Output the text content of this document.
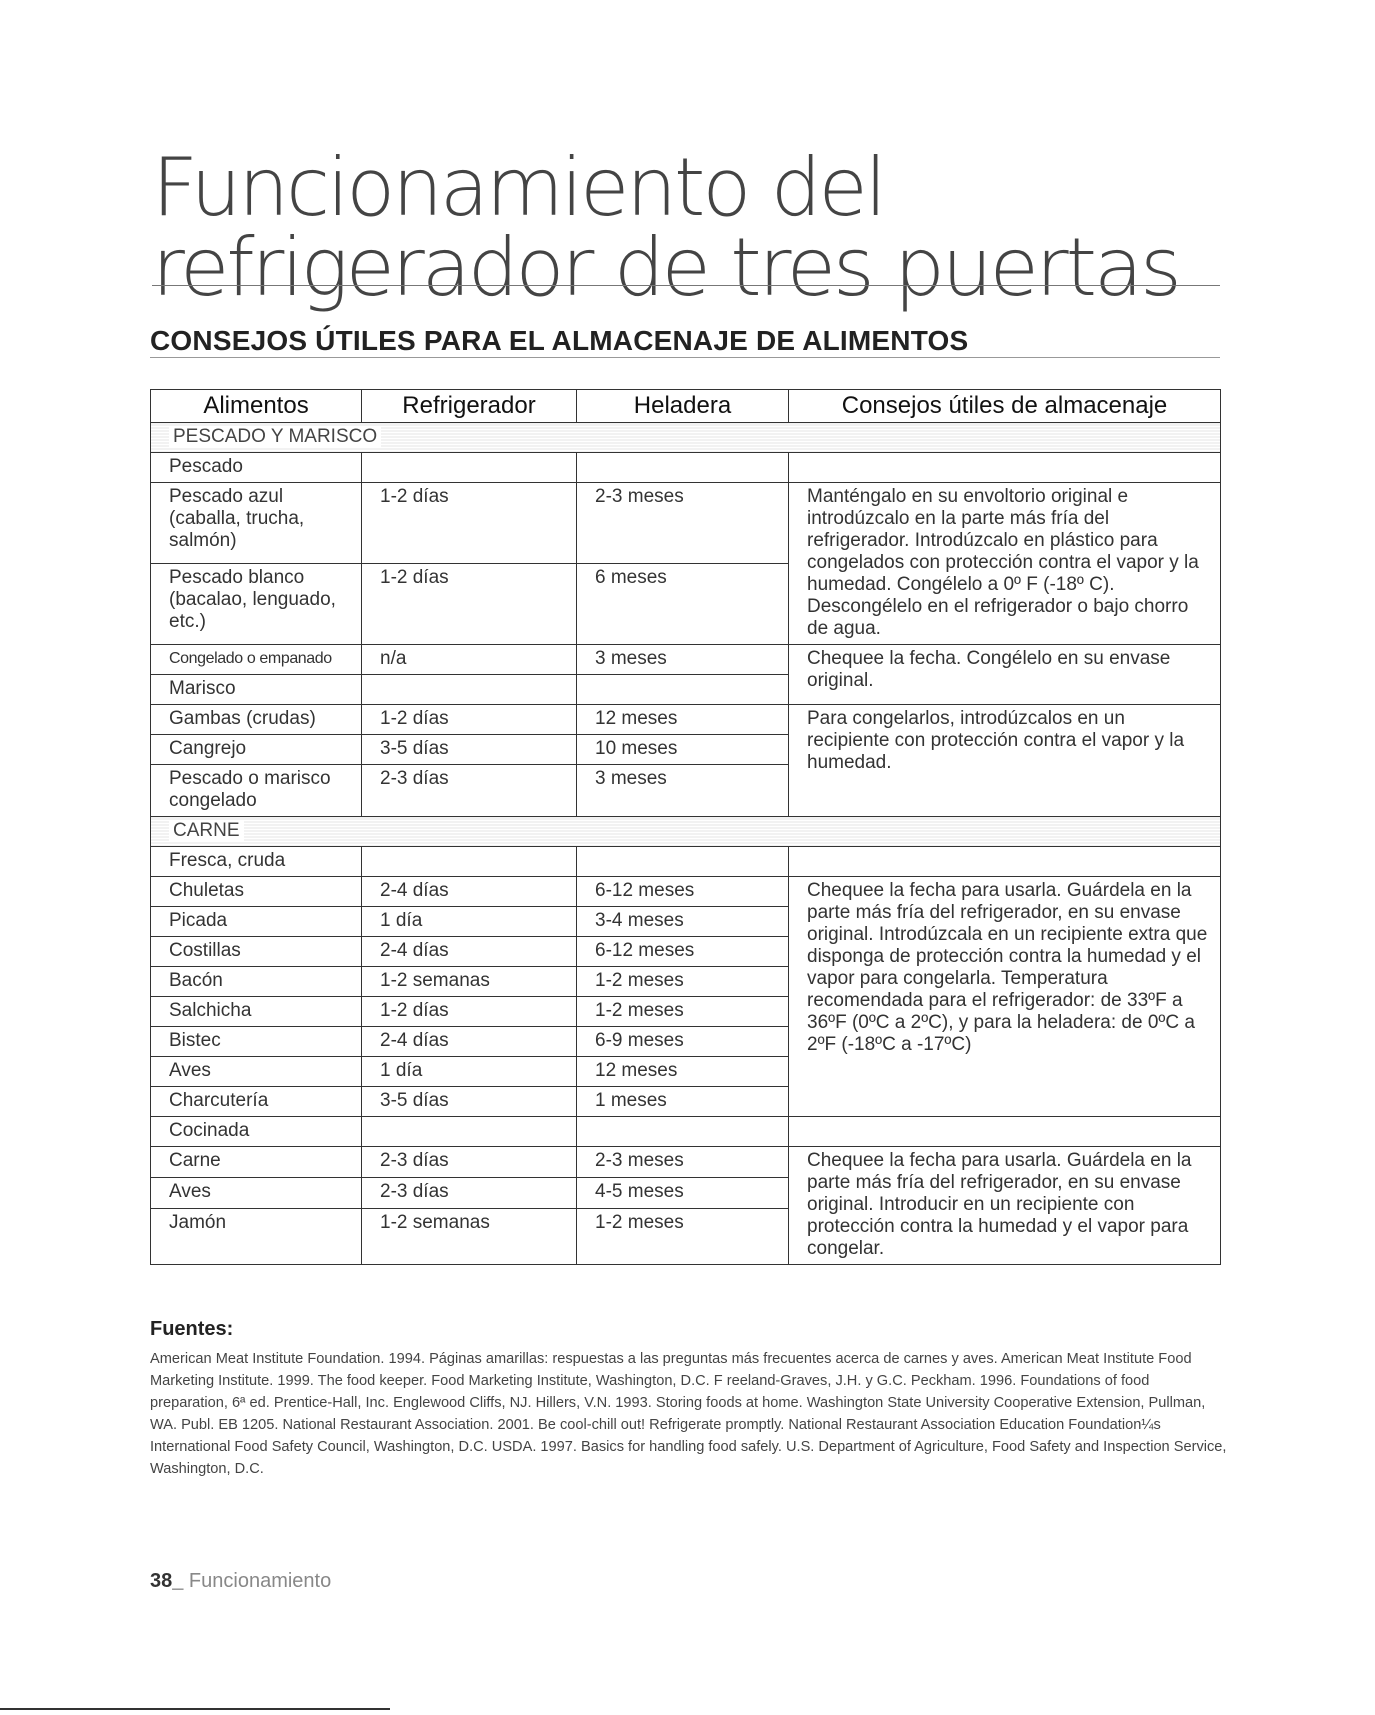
Funcionamiento del refrigerador de tres puertas
CONSEJOS ÚTILES PARA EL ALMACENAJE DE ALIMENTOS
Alimentos	Refrigerador	Heladera	Consejos útiles de almacenaje
PESCADO Y MARISCO			
Pescado			
Pescado azul (caballa, trucha, salmón)	1-2 días	2-3 meses	Manténgalo en su envoltorio original e introdúzcalo en la parte más fría del refrigerador. Introdúzcalo en plástico para congelados con protección contra el vapor y la humedad. Congélelo a 0º F (-18º C). Descongélelo en el refrigerador o bajo chorro de agua.
Pescado blanco (bacalao, lenguado, etc.)	1-2 días	6 meses	
Congelado o empanado	n/a	3 meses	Chequee la fecha. Congélelo en su envase original.
Marisco			
Gambas (crudas)	1-2 días	12 meses	Para congelarlos, introdúzcalos en un recipiente con protección contra el vapor y la humedad.
Cangrejo	3-5 días	10 meses	
Pescado o marisco congelado	2-3 días	3 meses	
CARNE			
Fresca, cruda			
Chuletas	2-4 días	6-12 meses	Chequee la fecha para usarla. Guárdela en la parte más fría del refrigerador, en su envase original. Introdúzcala en un recipiente extra que disponga de protección contra la humedad y el vapor para congelarla. Temperatura recomendada para el refrigerador: de 33ºF a 36ºF (0ºC a 2ºC), y para la heladera: de 0ºC a 2ºF (-18ºC a -17ºC)
Picada	1 día	3-4 meses	
Costillas	2-4 días	6-12 meses	
Bacón	1-2 semanas	1-2 meses	
Salchicha	1-2 días	1-2 meses	
Bistec	2-4 días	6-9 meses	
Aves	1 día	12 meses	
Charcutería	3-5 días	1 meses	
Cocinada			
Carne	2-3 días	2-3 meses	Chequee la fecha para usarla. Guárdela en la parte más fría del refrigerador, en su envase original. Introducir en un recipiente con protección contra la humedad y el vapor para congelar.
Aves	2-3 días	4-5 meses	
Jamón	1-2 semanas	1-2 meses	
Fuentes:

American Meat Institute Foundation. 1994. Páginas amarillas: respuestas a las preguntas más frecuentes acerca de carnes y aves. American Meat Institute Food Marketing Institute. 1999. The food keeper. Food Marketing Institute, Washington, D.C. F reeland-Graves, J.H. y G.C. Peckham. 1996. Foundations of food preparation, 6ª ed. Prentice-Hall, Inc. Englewood Cliffs, NJ. Hillers, V.N. 1993. Storing foods at home. Washington State University Cooperative Extension, Pullman, WA. Publ. EB 1205. National Restaurant Association. 2001. Be cool-chill out! Refrigerate promptly. National Restaurant Association Education Foundation¼s International Food Safety Council, Washington, D.C. USDA. 1997. Basics for handling food safely. U.S. Department of Agriculture, Food Safety and Inspection Service, Washington, D.C.

38_ Funcionamiento
